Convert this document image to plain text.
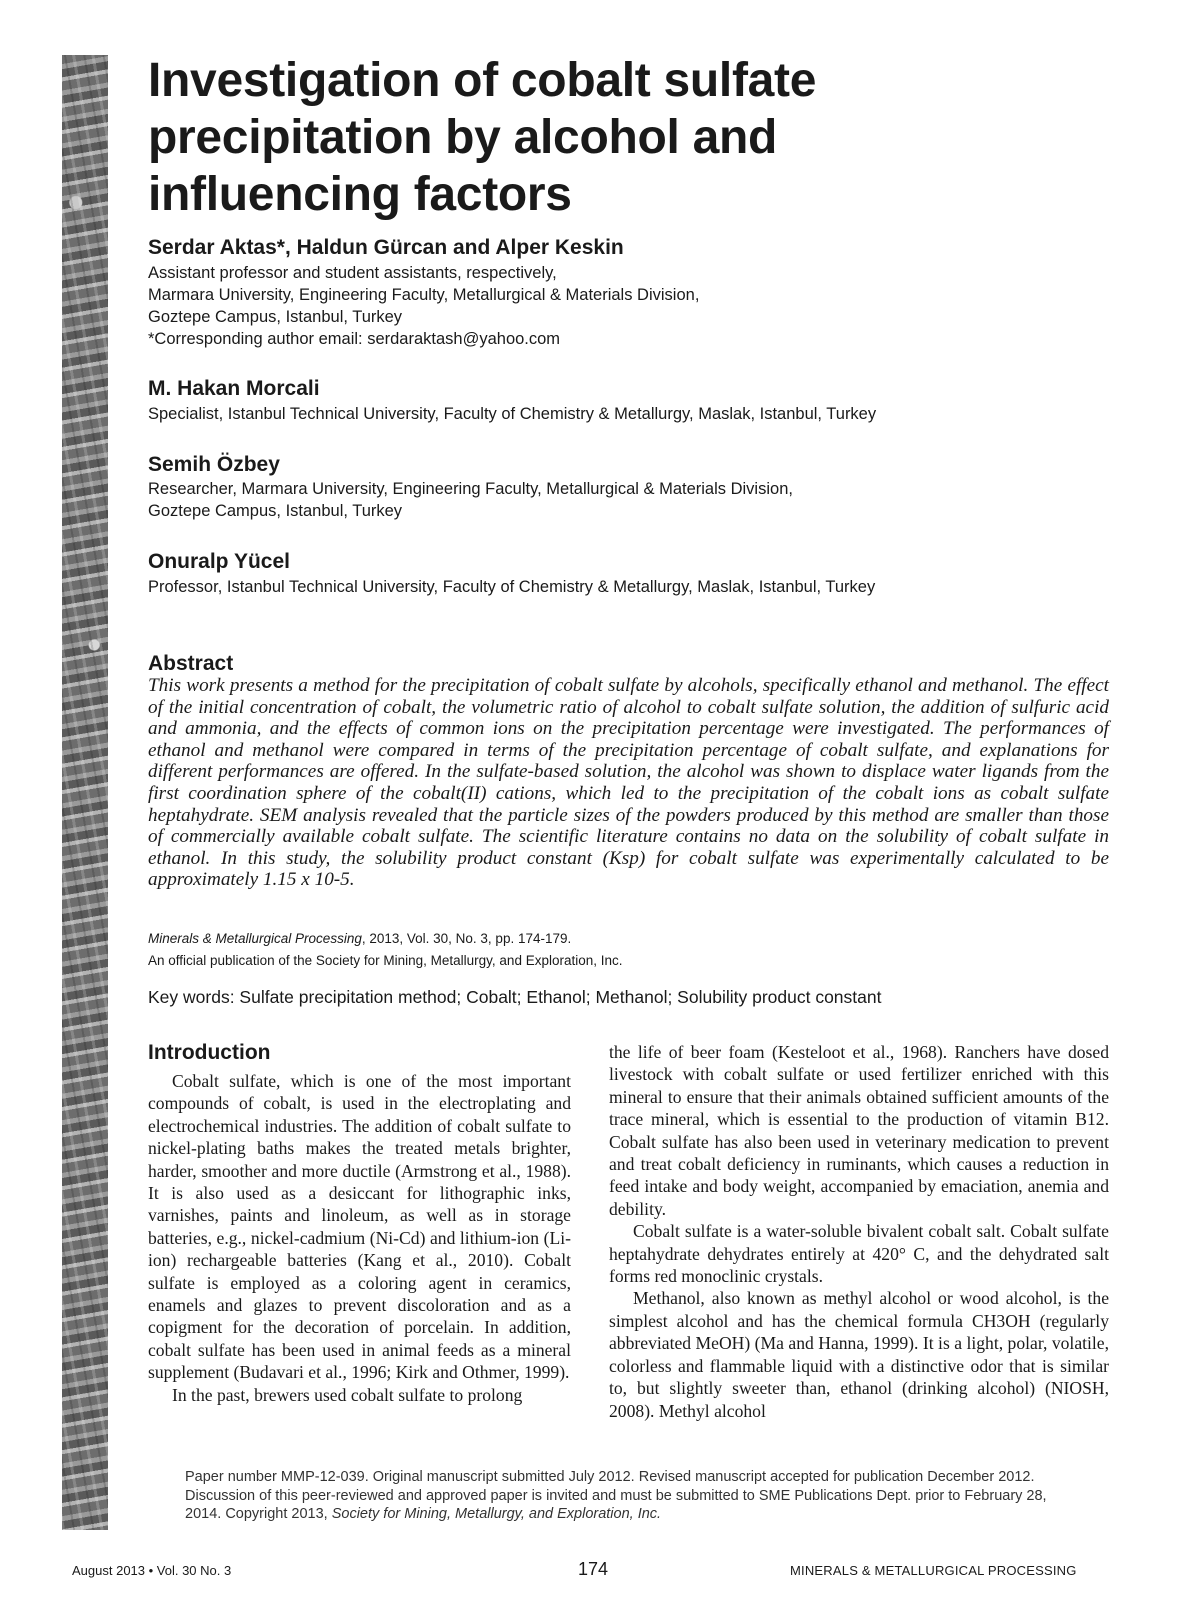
Investigation of cobalt sulfate
precipitation by alcohol and
influencing factors

Serdar Aktas*, Haldun Gürcan and Alper Keskin

Assistant professor and student assistants, respectively,
Marmara University, Engineering Faculty, Metallurgical & Materials Division,
Goztepe Campus, Istanbul, Turkey
*Corresponding author email: serdaraktash@yahoo.com

M. Hakan Morcali

Specialist, Istanbul Technical University, Faculty of Chemistry & Metallurgy, Maslak, Istanbul, Turkey

Semih Özbey

Researcher, Marmara University, Engineering Faculty, Metallurgical & Materials Division,
Goztepe Campus, Istanbul, Turkey

Onuralp Yücel

Professor, Istanbul Technical University, Faculty of Chemistry & Metallurgy, Maslak, Istanbul, Turkey

Abstract

This work presents a method for the precipitation of cobalt sulfate by alcohols, specifically ethanol and methanol. The effect of the initial concentration of cobalt, the volumetric ratio of alcohol to cobalt sulfate solution, the addition of sulfuric acid and ammonia, and the effects of common ions on the precipitation percentage were investigated. The performances of ethanol and methanol were compared in terms of the precipitation percentage of cobalt sulfate, and explanations for different performances are offered. In the sulfate-based solution, the alcohol was shown to displace water ligands from the first coordination sphere of the cobalt(II) cations, which led to the precipitation of the cobalt ions as cobalt sulfate heptahydrate. SEM analysis revealed that the particle sizes of the powders produced by this method are smaller than those of commercially available cobalt sulfate. The scientific literature contains no data on the solubility of cobalt sulfate in ethanol. In this study, the solubility product constant (Ksp) for cobalt sulfate was experimentally calculated to be approximately 1.15 x 10-5.

Minerals & Metallurgical Processing, 2013, Vol. 30, No. 3, pp. 174-179.
An official publication of the Society for Mining, Metallurgy, and Exploration, Inc.

Key words: Sulfate precipitation method; Cobalt; Ethanol; Methanol; Solubility product constant

Introduction

Cobalt sulfate, which is one of the most important compounds of cobalt, is used in the electroplating and electrochemical industries. The addition of cobalt sulfate to nickel-plating baths makes the treated metals brighter, harder, smoother and more ductile (Armstrong et al., 1988). It is also used as a desiccant for lithographic inks, varnishes, paints and linoleum, as well as in storage batteries, e.g., nickel-cadmium (Ni-Cd) and lithium-ion (Li-ion) rechargeable batteries (Kang et al., 2010). Cobalt sulfate is employed as a coloring agent in ceramics, enamels and glazes to prevent discoloration and as a copigment for the decoration of porcelain. In addition, cobalt sulfate has been used in animal feeds as a mineral supplement (Budavari et al., 1996; Kirk and Othmer, 1999).

In the past, brewers used cobalt sulfate to prolong

the life of beer foam (Kesteloot et al., 1968). Ranchers have dosed livestock with cobalt sulfate or used fertilizer enriched with this mineral to ensure that their animals obtained sufficient amounts of the trace mineral, which is essential to the production of vitamin B12. Cobalt sulfate has also been used in veterinary medication to prevent and treat cobalt deficiency in ruminants, which causes a reduction in feed intake and body weight, accompanied by emaciation, anemia and debility.

Cobalt sulfate is a water-soluble bivalent cobalt salt. Cobalt sulfate heptahydrate dehydrates entirely at 420° C, and the dehydrated salt forms red monoclinic crystals.

Methanol, also known as methyl alcohol or wood alcohol, is the simplest alcohol and has the chemical formula CH3OH (regularly abbreviated MeOH) (Ma and Hanna, 1999). It is a light, polar, volatile, colorless and flammable liquid with a distinctive odor that is similar to, but slightly sweeter than, ethanol (drinking alcohol) (NIOSH, 2008). Methyl alcohol

Paper number MMP-12-039. Original manuscript submitted July 2012. Revised manuscript accepted for publication December 2012. Discussion of this peer-reviewed and approved paper is invited and must be submitted to SME Publications Dept. prior to February 28, 2014. Copyright 2013, Society for Mining, Metallurgy, and Exploration, Inc.

August 2013 • Vol. 30 No. 3	174	MINERALS & METALLURGICAL PROCESSING
